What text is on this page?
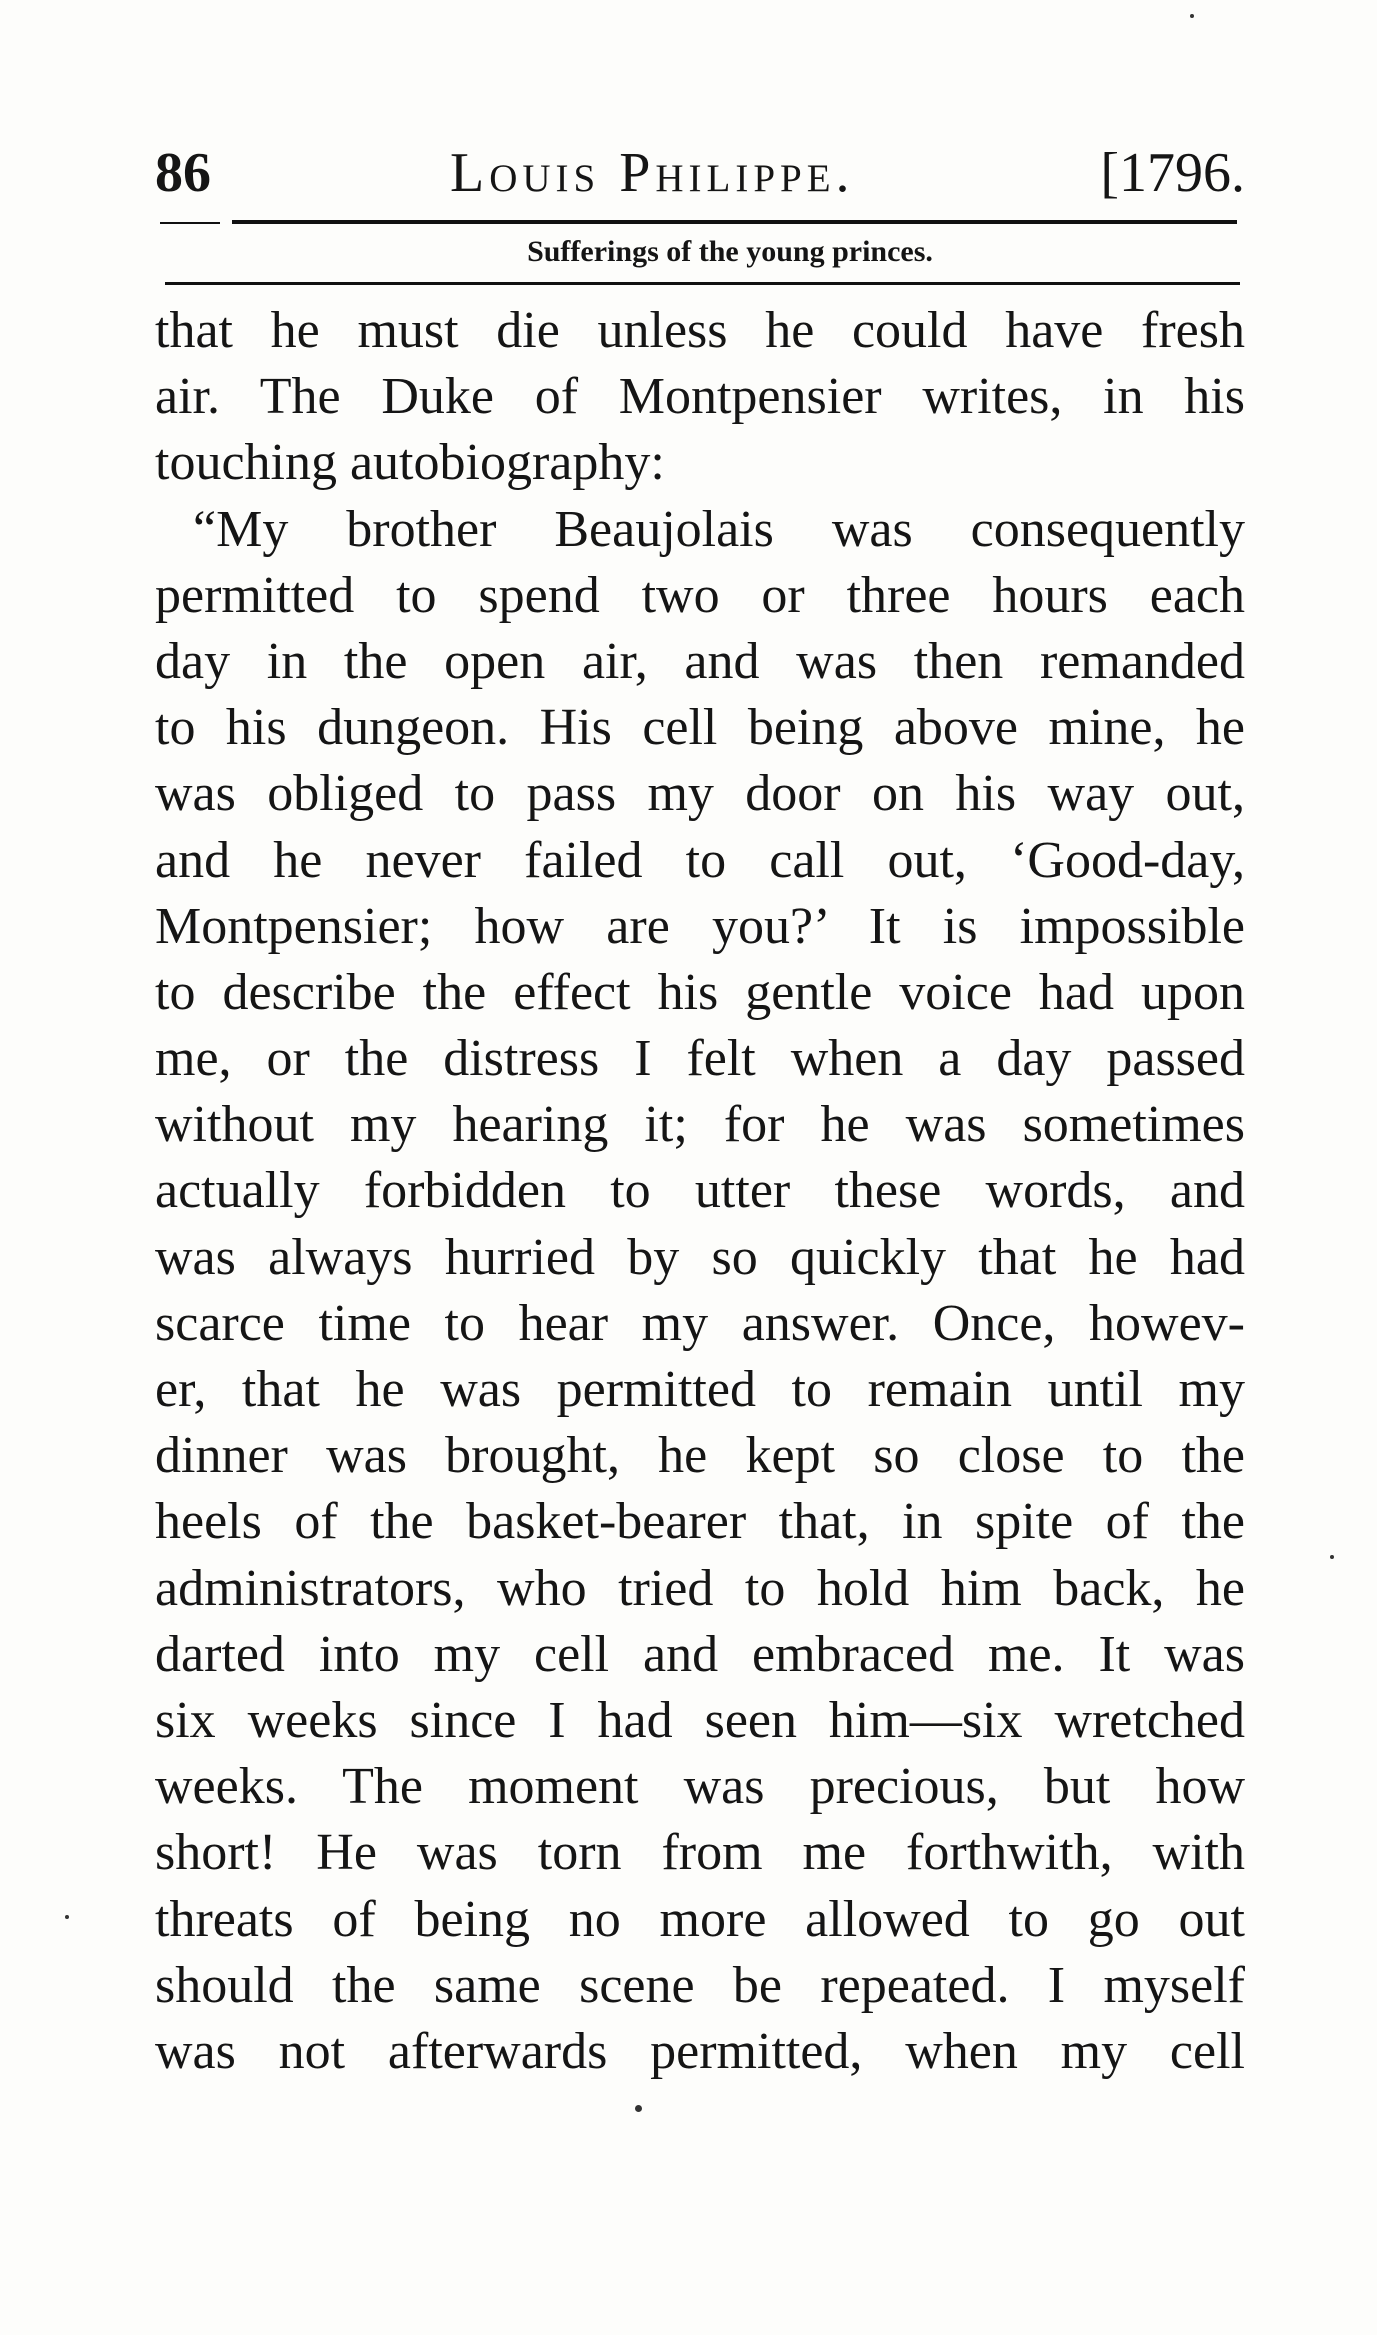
86	Louis Philippe.	[1796.
Sufferings of the young princes.
that he must die unless he could have fresh
air. The Duke of Montpensier writes, in his
touching autobiography:
“My brother Beaujolais was consequently
permitted to spend two or three hours each
day in the open air, and was then remanded
to his dungeon. His cell being above mine, he
was obliged to pass my door on his way out,
and he never failed to call out, ‘Good-day,
Montpensier; how are you?’ It is impossible
to describe the effect his gentle voice had upon
me, or the distress I felt when a day passed
without my hearing it; for he was sometimes
actually forbidden to utter these words, and
was always hurried by so quickly that he had
scarce time to hear my answer. Once, howev-
er, that he was permitted to remain until my
dinner was brought, he kept so close to the
heels of the basket-bearer that, in spite of the
administrators, who tried to hold him back, he
darted into my cell and embraced me. It was
six weeks since I had seen him—six wretched
weeks. The moment was precious, but how
short! He was torn from me forthwith, with
threats of being no more allowed to go out
should the same scene be repeated. I myself
was not afterwards permitted, when my cell
